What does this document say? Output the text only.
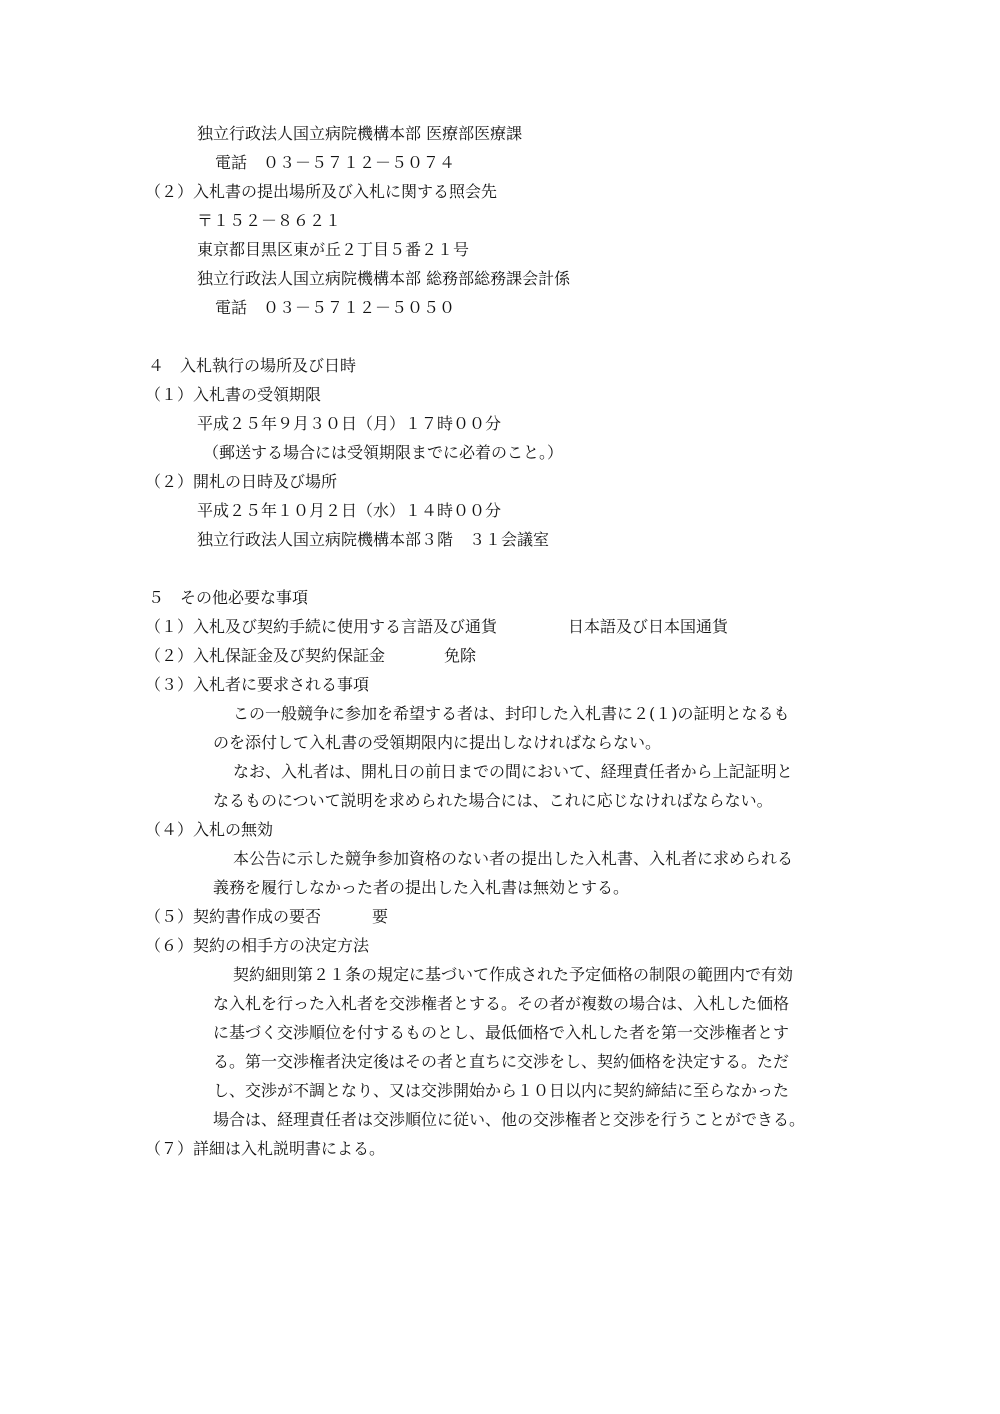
独立行政法人国立病院機構本部 医療部医療課
電話　０３－５７１２－５０７４
（２）入札書の提出場所及び入札に関する照会先
〒１５２－８６２１
東京都目黒区東が丘２丁目５番２１号
独立行政法人国立病院機構本部 総務部総務課会計係
電話　０３－５７１２－５０５０
４　入札執行の場所及び日時
（１）入札書の受領期限
平成２５年９月３０日（月）１７時００分
（郵送する場合には受領期限までに必着のこと。）
（２）開札の日時及び場所
平成２５年１０月２日（水）１４時００分
独立行政法人国立病院機構本部３階　３１会議室
５　その他必要な事項
（１）入札及び契約手続に使用する言語及び通貨	日本語及び日本国通貨
（２）入札保証金及び契約保証金	免除
（３）入札者に要求される事項
この一般競争に参加を希望する者は、封印した入札書に２(１)の証明となるも
のを添付して入札書の受領期限内に提出しなければならない。
なお、入札者は、開札日の前日までの間において、経理責任者から上記証明と
なるものについて説明を求められた場合には、これに応じなければならない。
（４）入札の無効
本公告に示した競争参加資格のない者の提出した入札書、入札者に求められる
義務を履行しなかった者の提出した入札書は無効とする。
（５）契約書作成の要否	要
（６）契約の相手方の決定方法
契約細則第２１条の規定に基づいて作成された予定価格の制限の範囲内で有効
な入札を行った入札者を交渉権者とする。その者が複数の場合は、入札した価格
に基づく交渉順位を付するものとし、最低価格で入札した者を第一交渉権者とす
る。第一交渉権者決定後はその者と直ちに交渉をし、契約価格を決定する。ただ
し、交渉が不調となり、又は交渉開始から１０日以内に契約締結に至らなかった
場合は、経理責任者は交渉順位に従い、他の交渉権者と交渉を行うことができる。
（７）詳細は入札説明書による。
